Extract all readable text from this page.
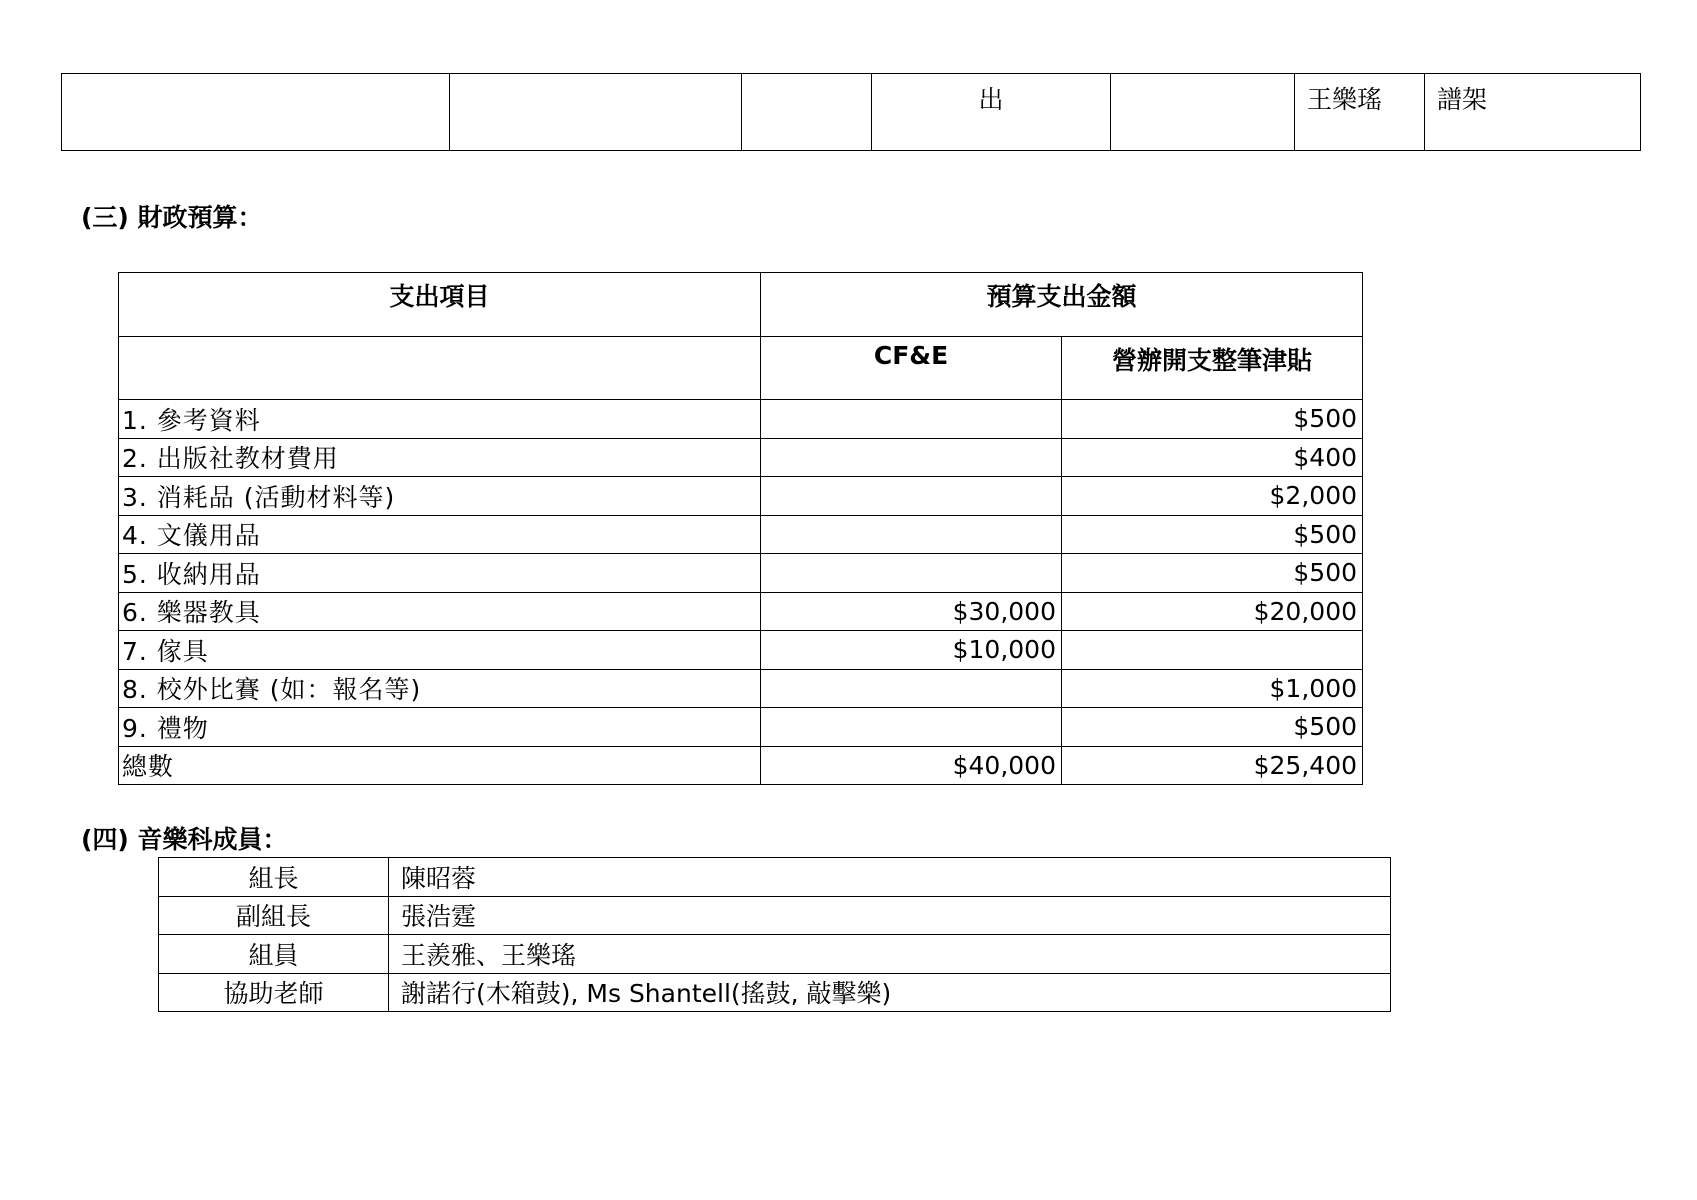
			出		王樂瑤	譜架
(三) 財政預算：
支出項目	預算支出金額	
	CF&E	營辦開支整筆津貼
1. 參考資料		$500
2. 出版社教材費用		$400
3. 消耗品 (活動材料等)		$2,000
4. 文儀用品		$500
5. 收納用品		$500
6. 樂器教具	$30,000	$20,000
7. 傢具	$10,000	
8. 校外比賽 (如：報名等)		$1,000
9. 禮物		$500
總數	$40,000	$25,400
(四) 音樂科成員：
組長	陳昭蓉
副組長	張浩霆
組員	王羨雅、王樂瑤
協助老師	謝諾行(木箱鼓), Ms Shantell(搖鼓, 敲擊樂)
